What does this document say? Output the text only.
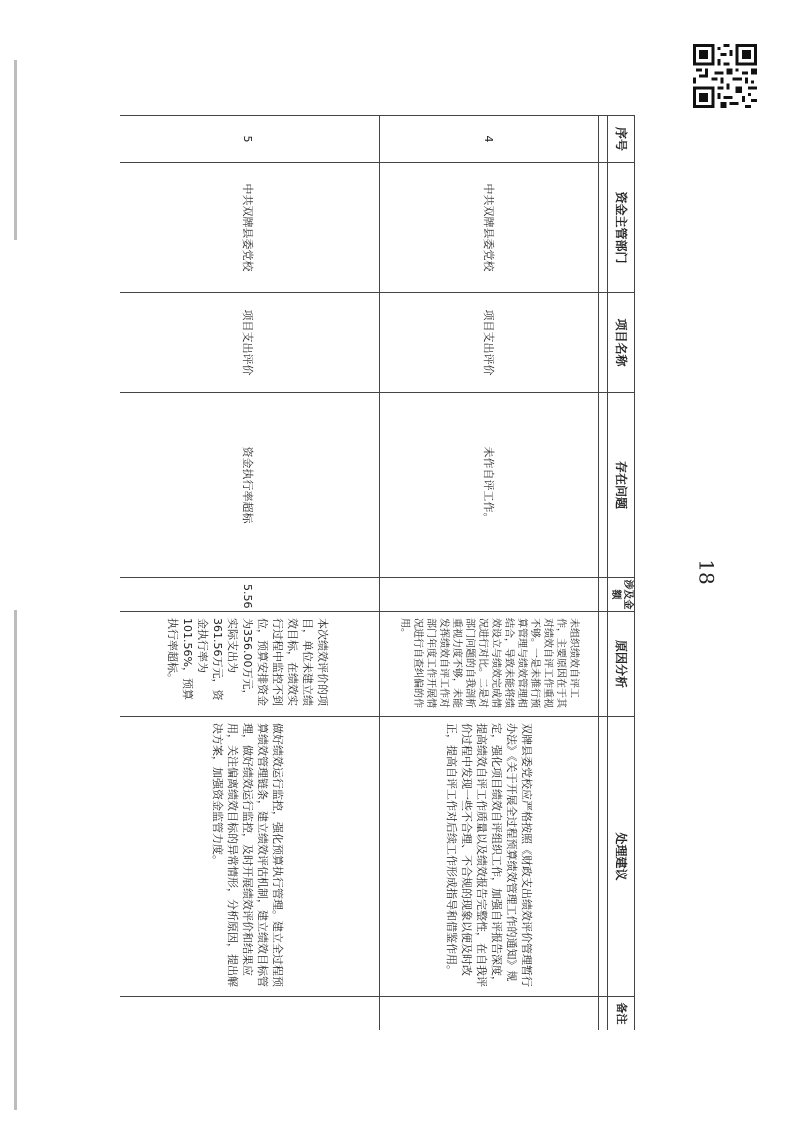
序号	资金主管部门	项目名称	存在问题	涉及金额	原因分析	处理建议	备注

4	中共双牌县委党校	项目支出评价	未作自评工作。		未组织绩效自评工作，主要原因在于其对绩效自评工作重视不够。一是未推行预算管理与绩效管理相结合，导致未能将绩效设立与绩效完成情况进行对比。二是对部门问题的自我剖析重视力度不够，未能发挥绩效自评工作对部门年度工作开展情况进行自查纠偏的作用。	双牌县委党校应严格按照《财政支出绩效评价管理暂行办法》《关于开展全过程预算绩效管理工作的通知》规定，强化项目绩效自评组织工作，加强自评报告深度，提高绩效自评工作质量以及绩效报告完整性，在自我评价过程中发现一些不合理、不合规的现象以便及时改正，提高自评工作对后续工作形成指导和借鉴作用。	
5	中共双牌县委党校	项目支出评价	资金执行率超标	5.56	本次绩效评价的项目，单位未建立绩效目标，在绩效实行过程中监控不到位，预算安排资金为356.00万元，实际支出为361.56万元，资金执行率为101.56%，预算执行率超标。	做好绩效运行监控，强化预算执行管理。建立全过程预算绩效管理链条，建立绩效评估机制，建立绩效目标管理，做好绩效运行监控，及时开展绩效评价和结果应用，关注偏离绩效目标的异常情形，分析原因，提出解决方案，加强资金监管力度。	
18
